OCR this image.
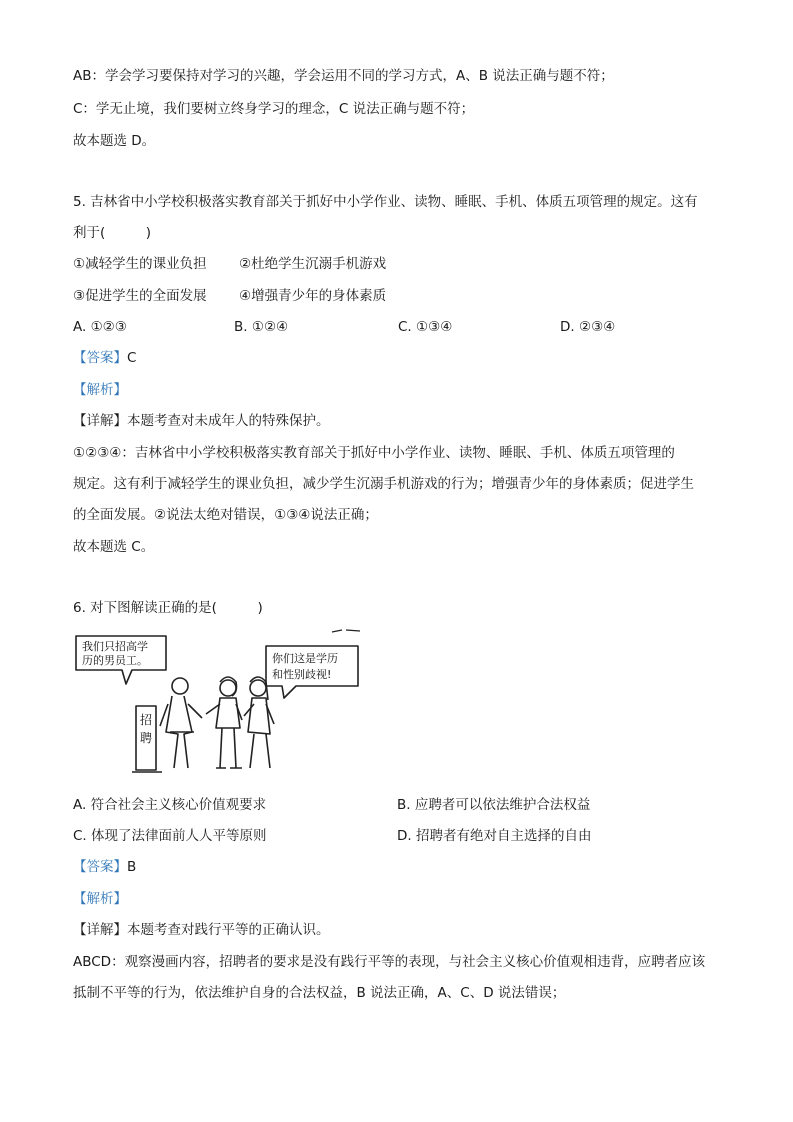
AB：学会学习要保持对学习的兴趣，学会运用不同的学习方式，A、B 说法正确与题不符；
C：学无止境，我们要树立终身学习的理念，C 说法正确与题不符；
故本题选 D。
5. 吉林省中小学校积极落实教育部关于抓好中小学作业、读物、睡眠、手机、体质五项管理的规定。这有
利于(　　　)
①减轻学生的课业负担	②杜绝学生沉溺手机游戏
③促进学生的全面发展	④增强青少年的身体素质
A. ①②③	B. ①②④	C. ①③④	D. ②③④
【答案】C
【解析】
【详解】本题考查对未成年人的特殊保护。
①②③④：吉林省中小学校积极落实教育部关于抓好中小学作业、读物、睡眠、手机、体质五项管理的
规定。这有利于减轻学生的课业负担，减少学生沉溺手机游戏的行为；增强青少年的身体素质；促进学生
的全面发展。②说法太绝对错误，①③④说法正确；
故本题选 C。
6. 对下图解读正确的是(　　　)
我们只招高学
历的男员工。	你们这是学历
和性别歧视!
招
聘
A. 符合社会主义核心价值观要求	B. 应聘者可以依法维护合法权益
C. 体现了法律面前人人平等原则	D. 招聘者有绝对自主选择的自由
【答案】B
【解析】
【详解】本题考查对践行平等的正确认识。
ABCD：观察漫画内容，招聘者的要求是没有践行平等的表现，与社会主义核心价值观相违背，应聘者应该
抵制不平等的行为，依法维护自身的合法权益，B 说法正确，A、C、D 说法错误；
